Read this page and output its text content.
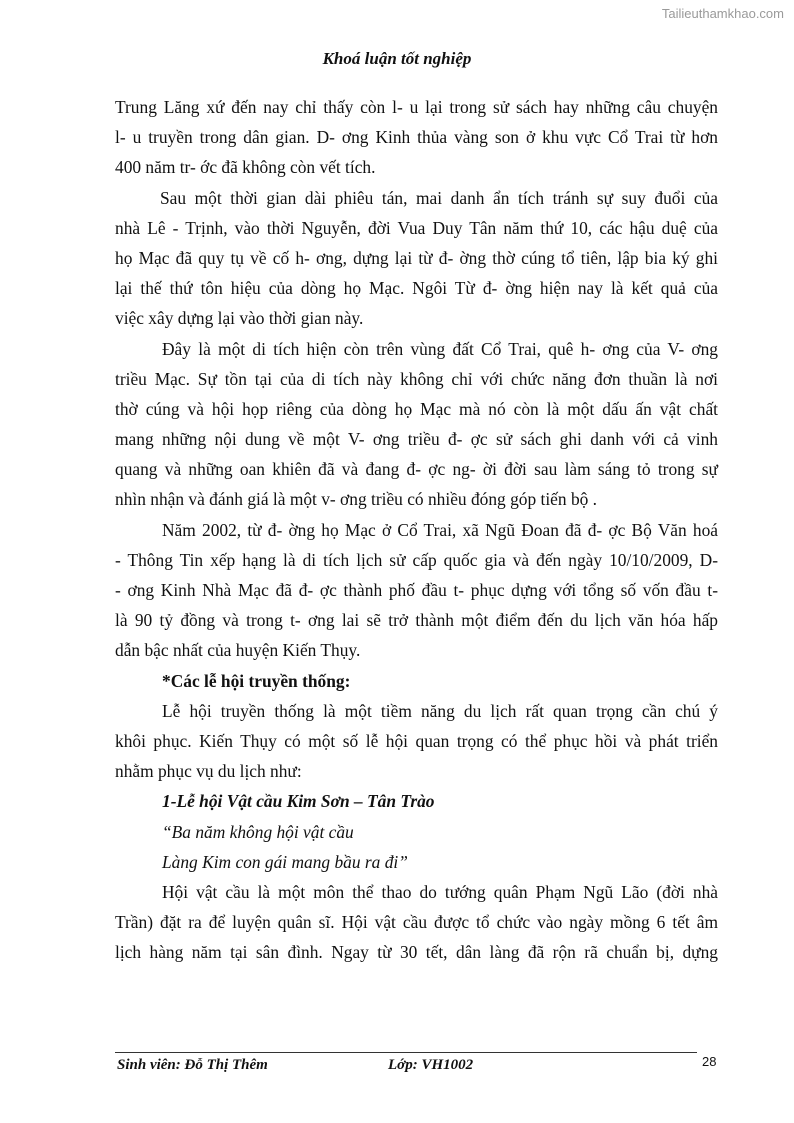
Tailieuthamkhao.com
Khoá luận tốt nghiệp
Trung Lăng xứ đến nay chỉ thấy còn l- u lại trong sử sách hay những câu chuyện
l- u truyền trong dân gian. D- ơng Kinh thủa vàng son ở khu vực Cổ Trai từ hơn
400 năm tr- ớc đã không còn vết tích.
Sau một thời gian dài phiêu tán, mai danh ẩn tích tránh sự suy đuổi của
nhà Lê - Trịnh, vào thời Nguyễn, đời Vua Duy Tân năm thứ 10, các hậu duệ của
họ Mạc đã quy tụ về cố h- ơng, dựng lại từ đ- ờng thờ cúng tổ tiên, lập bia ký ghi
lại thế thứ tôn hiệu của dòng họ Mạc. Ngôi Từ đ- ờng hiện nay là kết quả của
việc xây dựng lại vào thời gian này.
Đây là một di tích hiện còn trên vùng đất Cổ Trai, quê h- ơng của V- ơng
triều Mạc. Sự tồn tại của di tích này không chỉ với chức năng đơn thuần là nơi
thờ cúng và hội họp riêng của dòng họ Mạc mà nó còn là một dấu ấn vật chất
mang những nội dung về một V- ơng triều đ- ợc sử sách ghi danh với cả vinh
quang và những oan khiên đã và đang đ- ợc ng- ời đời sau làm sáng tỏ trong sự
nhìn nhận và đánh giá là một v- ơng triều có nhiều đóng góp tiến bộ .
Năm 2002, từ đ- ờng họ Mạc ở Cổ Trai, xã Ngũ Đoan đã đ- ợc Bộ Văn hoá
- Thông Tin xếp hạng là di tích lịch sử cấp quốc gia và đến ngày 10/10/2009, D-
- ơng Kinh Nhà Mạc đã đ- ợc thành phố đầu t- phục dựng với tổng số vốn đầu t-
là 90 tỷ đồng và trong t- ơng lai sẽ trở thành một điểm đến du lịch văn hóa hấp
dẫn bậc nhất của huyện Kiến Thụy.
*Các lễ hội truyền thống:
Lễ hội truyền thống là một tiềm năng du lịch rất quan trọng cần chú ý
khôi phục. Kiến Thụy có một số lễ hội quan trọng có thể phục hồi và phát triển
nhằm phục vụ du lịch như:
1-Lễ hội Vật cầu Kim Sơn – Tân Trào
“Ba năm không hội vật cầu
Làng Kim con gái mang bầu ra đi”
Hội vật cầu là một môn thể thao do tướng quân Phạm Ngũ Lão (đời nhà
Trần) đặt ra để luyện quân sĩ. Hội vật cầu được tổ chức vào ngày mồng 6 tết âm
lịch hàng năm tại sân đình. Ngay từ 30 tết, dân làng đã rộn rã chuẩn bị, dựng
Sinh viên: Đỗ Thị Thêm	Lớp: VH1002	28
